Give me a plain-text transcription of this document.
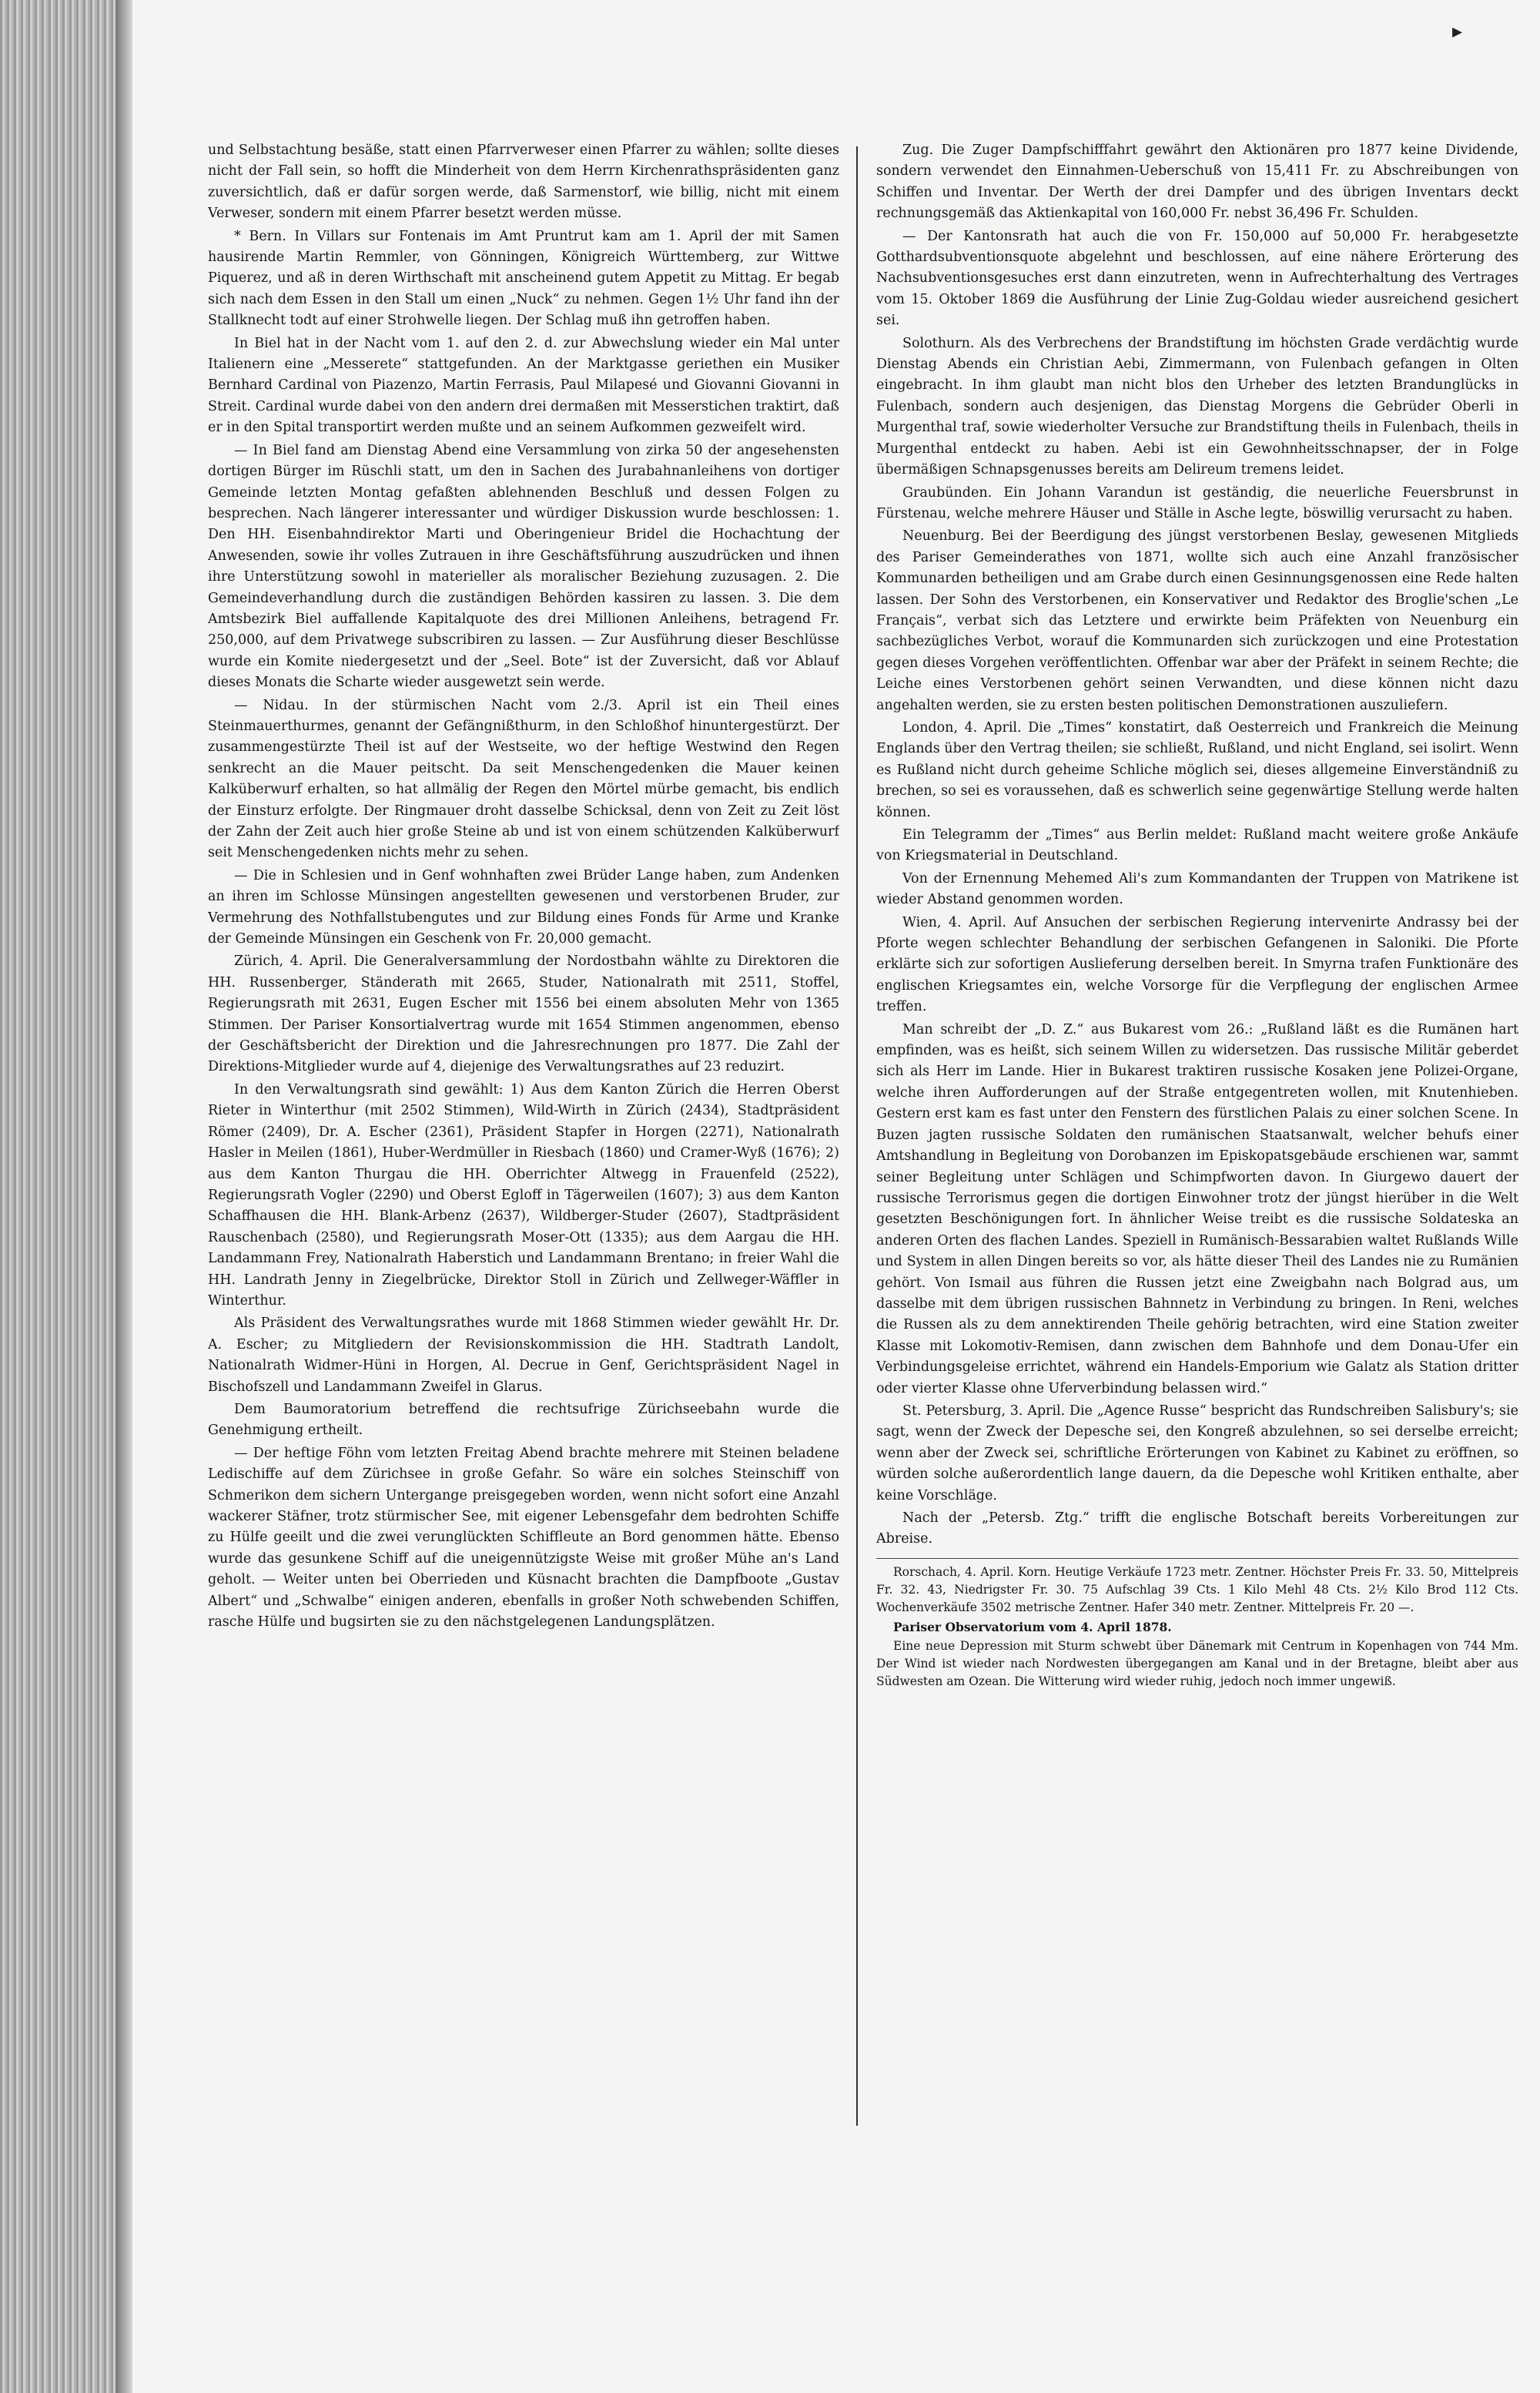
▸

und Selbstachtung besäße, statt einen Pfarrverweser einen Pfarrer zu wählen; sollte dieses nicht der Fall sein, so hofft die Minderheit von dem Herrn Kirchenrathspräsidenten ganz zuversichtlich, daß er dafür sorgen werde, daß Sarmenstorf, wie billig, nicht mit einem Verweser, sondern mit einem Pfarrer besetzt werden müsse.

* Bern. In Villars sur Fontenais im Amt Pruntrut kam am 1. April der mit Samen hausirende Martin Remmler, von Gönningen, Königreich Württemberg, zur Wittwe Piquerez, und aß in deren Wirthschaft mit anscheinend gutem Appetit zu Mittag. Er begab sich nach dem Essen in den Stall um einen „Nuck“ zu nehmen. Gegen 1½ Uhr fand ihn der Stallknecht todt auf einer Strohwelle liegen. Der Schlag muß ihn getroffen haben.

In Biel hat in der Nacht vom 1. auf den 2. d. zur Abwechslung wieder ein Mal unter Italienern eine „Messerete“ stattgefunden. An der Marktgasse geriethen ein Musiker Bernhard Cardinal von Piazenzo, Martin Ferrasis, Paul Milapesé und Giovanni Giovanni in Streit. Cardinal wurde dabei von den andern drei dermaßen mit Messerstichen traktirt, daß er in den Spital transportirt werden mußte und an seinem Aufkommen gezweifelt wird.

— In Biel fand am Dienstag Abend eine Versammlung von zirka 50 der angesehensten dortigen Bürger im Rüschli statt, um den in Sachen des Jurabahnanleihens von dortiger Gemeinde letzten Montag gefaßten ablehnenden Beschluß und dessen Folgen zu besprechen. Nach längerer interessanter und würdiger Diskussion wurde beschlossen: 1. Den HH. Eisenbahndirektor Marti und Oberingenieur Bridel die Hochachtung der Anwesenden, sowie ihr volles Zutrauen in ihre Geschäftsführung auszudrücken und ihnen ihre Unterstützung sowohl in materieller als moralischer Beziehung zuzusagen. 2. Die Gemeindeverhandlung durch die zuständigen Behörden kassiren zu lassen. 3. Die dem Amtsbezirk Biel auffallende Kapitalquote des drei Millionen Anleihens, betragend Fr. 250,000, auf dem Privatwege subscribiren zu lassen. — Zur Ausführung dieser Beschlüsse wurde ein Komite niedergesetzt und der „Seel. Bote“ ist der Zuversicht, daß vor Ablauf dieses Monats die Scharte wieder ausgewetzt sein werde.

— Nidau. In der stürmischen Nacht vom 2./3. April ist ein Theil eines Steinmauerthurmes, genannt der Gefängnißthurm, in den Schloßhof hinuntergestürzt. Der zusammengestürzte Theil ist auf der Westseite, wo der heftige Westwind den Regen senkrecht an die Mauer peitscht. Da seit Menschengedenken die Mauer keinen Kalküberwurf erhalten, so hat allmälig der Regen den Mörtel mürbe gemacht, bis endlich der Einsturz erfolgte. Der Ringmauer droht dasselbe Schicksal, denn von Zeit zu Zeit löst der Zahn der Zeit auch hier große Steine ab und ist von einem schützenden Kalküberwurf seit Menschengedenken nichts mehr zu sehen.

— Die in Schlesien und in Genf wohnhaften zwei Brüder Lange haben, zum Andenken an ihren im Schlosse Münsingen angestellten gewesenen und verstorbenen Bruder, zur Vermehrung des Nothfallstubengutes und zur Bildung eines Fonds für Arme und Kranke der Gemeinde Münsingen ein Geschenk von Fr. 20,000 gemacht.

Zürich, 4. April. Die Generalversammlung der Nordostbahn wählte zu Direktoren die HH. Russenberger, Ständerath mit 2665, Studer, Nationalrath mit 2511, Stoffel, Regierungsrath mit 2631, Eugen Escher mit 1556 bei einem absoluten Mehr von 1365 Stimmen. Der Pariser Konsortialvertrag wurde mit 1654 Stimmen angenommen, ebenso der Geschäftsbericht der Direktion und die Jahresrechnungen pro 1877. Die Zahl der Direktions-Mitglieder wurde auf 4, diejenige des Verwaltungsrathes auf 23 reduzirt.

In den Verwaltungsrath sind gewählt: 1) Aus dem Kanton Zürich die Herren Oberst Rieter in Winterthur (mit 2502 Stimmen), Wild-Wirth in Zürich (2434), Stadtpräsident Römer (2409), Dr. A. Escher (2361), Präsident Stapfer in Horgen (2271), Nationalrath Hasler in Meilen (1861), Huber-Werdmüller in Riesbach (1860) und Cramer-Wyß (1676); 2) aus dem Kanton Thurgau die HH. Oberrichter Altwegg in Frauenfeld (2522), Regierungsrath Vogler (2290) und Oberst Egloff in Tägerweilen (1607); 3) aus dem Kanton Schaffhausen die HH. Blank-Arbenz (2637), Wildberger-Studer (2607), Stadtpräsident Rauschenbach (2580), und Regierungsrath Moser-Ott (1335); aus dem Aargau die HH. Landammann Frey, Nationalrath Haberstich und Landammann Brentano; in freier Wahl die HH. Landrath Jenny in Ziegelbrücke, Direktor Stoll in Zürich und Zellweger-Wäffler in Winterthur.

Als Präsident des Verwaltungsrathes wurde mit 1868 Stimmen wieder gewählt Hr. Dr. A. Escher; zu Mitgliedern der Revisionskommission die HH. Stadtrath Landolt, Nationalrath Widmer-Hüni in Horgen, Al. Decrue in Genf, Gerichtspräsident Nagel in Bischofszell und Landammann Zweifel in Glarus.

Dem Baumoratorium betreffend die rechtsufrige Zürichseebahn wurde die Genehmigung ertheilt.

— Der heftige Föhn vom letzten Freitag Abend brachte mehrere mit Steinen beladene Ledischiffe auf dem Zürichsee in große Gefahr. So wäre ein solches Steinschiff von Schmerikon dem sichern Untergange preisgegeben worden, wenn nicht sofort eine Anzahl wackerer Stäfner, trotz stürmischer See, mit eigener Lebensgefahr dem bedrohten Schiffe zu Hülfe geeilt und die zwei verunglückten Schiffleute an Bord genommen hätte. Ebenso wurde das gesunkene Schiff auf die uneigennützigste Weise mit großer Mühe an's Land geholt. — Weiter unten bei Oberrieden und Küsnacht brachten die Dampfboote „Gustav Albert“ und „Schwalbe“ einigen anderen, ebenfalls in großer Noth schwebenden Schiffen, rasche Hülfe und bugsirten sie zu den nächstgelegenen Landungsplätzen.

Zug. Die Zuger Dampfschifffahrt gewährt den Aktionären pro 1877 keine Dividende, sondern verwendet den Einnahmen-Ueberschuß von 15,411 Fr. zu Abschreibungen von Schiffen und Inventar. Der Werth der drei Dampfer und des übrigen Inventars deckt rechnungsgemäß das Aktienkapital von 160,000 Fr. nebst 36,496 Fr. Schulden.

— Der Kantonsrath hat auch die von Fr. 150,000 auf 50,000 Fr. herabgesetzte Gotthardsubventionsquote abgelehnt und beschlossen, auf eine nähere Erörterung des Nachsubventionsgesuches erst dann einzutreten, wenn in Aufrechterhaltung des Vertrages vom 15. Oktober 1869 die Ausführung der Linie Zug-Goldau wieder ausreichend gesichert sei.

Solothurn. Als des Verbrechens der Brandstiftung im höchsten Grade verdächtig wurde Dienstag Abends ein Christian Aebi, Zimmermann, von Fulenbach gefangen in Olten eingebracht. In ihm glaubt man nicht blos den Urheber des letzten Brandunglücks in Fulenbach, sondern auch desjenigen, das Dienstag Morgens die Gebrüder Oberli in Murgenthal traf, sowie wiederholter Versuche zur Brandstiftung theils in Fulenbach, theils in Murgenthal entdeckt zu haben. Aebi ist ein Gewohnheitsschnapser, der in Folge übermäßigen Schnapsgenusses bereits am Delireum tremens leidet.

Graubünden. Ein Johann Varandun ist geständig, die neuerliche Feuersbrunst in Fürstenau, welche mehrere Häuser und Ställe in Asche legte, böswillig verursacht zu haben.

Neuenburg. Bei der Beerdigung des jüngst verstorbenen Beslay, gewesenen Mitglieds des Pariser Gemeinderathes von 1871, wollte sich auch eine Anzahl französischer Kommunarden betheiligen und am Grabe durch einen Gesinnungsgenossen eine Rede halten lassen. Der Sohn des Verstorbenen, ein Konservativer und Redaktor des Broglie'schen „Le Français“, verbat sich das Letztere und erwirkte beim Präfekten von Neuenburg ein sachbezügliches Verbot, worauf die Kommunarden sich zurückzogen und eine Protestation gegen dieses Vorgehen veröffentlichten. Offenbar war aber der Präfekt in seinem Rechte; die Leiche eines Verstorbenen gehört seinen Verwandten, und diese können nicht dazu angehalten werden, sie zu ersten besten politischen Demonstrationen auszuliefern.

London, 4. April. Die „Times“ konstatirt, daß Oesterreich und Frankreich die Meinung Englands über den Vertrag theilen; sie schließt, Rußland, und nicht England, sei isolirt. Wenn es Rußland nicht durch geheime Schliche möglich sei, dieses allgemeine Einverständniß zu brechen, so sei es voraussehen, daß es schwerlich seine gegenwärtige Stellung werde halten können.

Ein Telegramm der „Times“ aus Berlin meldet: Rußland macht weitere große Ankäufe von Kriegsmaterial in Deutschland.

Von der Ernennung Mehemed Ali's zum Kommandanten der Truppen von Matrikene ist wieder Abstand genommen worden.

Wien, 4. April. Auf Ansuchen der serbischen Regierung intervenirte Andrassy bei der Pforte wegen schlechter Behandlung der serbischen Gefangenen in Saloniki. Die Pforte erklärte sich zur sofortigen Auslieferung derselben bereit. In Smyrna trafen Funktionäre des englischen Kriegsamtes ein, welche Vorsorge für die Verpflegung der englischen Armee treffen.

Man schreibt der „D. Z.“ aus Bukarest vom 26.: „Rußland läßt es die Rumänen hart empfinden, was es heißt, sich seinem Willen zu widersetzen. Das russische Militär geberdet sich als Herr im Lande. Hier in Bukarest traktiren russische Kosaken jene Polizei-Organe, welche ihren Aufforderungen auf der Straße entgegentreten wollen, mit Knutenhieben. Gestern erst kam es fast unter den Fenstern des fürstlichen Palais zu einer solchen Scene. In Buzen jagten russische Soldaten den rumänischen Staatsanwalt, welcher behufs einer Amtshandlung in Begleitung von Dorobanzen im Episkopatsgebäude erschienen war, sammt seiner Begleitung unter Schlägen und Schimpfworten davon. In Giurgewo dauert der russische Terrorismus gegen die dortigen Einwohner trotz der jüngst hierüber in die Welt gesetzten Beschönigungen fort. In ähnlicher Weise treibt es die russische Soldateska an anderen Orten des flachen Landes. Speziell in Rumänisch-Bessarabien waltet Rußlands Wille und System in allen Dingen bereits so vor, als hätte dieser Theil des Landes nie zu Rumänien gehört. Von Ismail aus führen die Russen jetzt eine Zweigbahn nach Bolgrad aus, um dasselbe mit dem übrigen russischen Bahnnetz in Verbindung zu bringen. In Reni, welches die Russen als zu dem annektirenden Theile gehörig betrachten, wird eine Station zweiter Klasse mit Lokomotiv-Remisen, dann zwischen dem Bahnhofe und dem Donau-Ufer ein Verbindungsgeleise errichtet, während ein Handels-Emporium wie Galatz als Station dritter oder vierter Klasse ohne Uferverbindung belassen wird.“

St. Petersburg, 3. April. Die „Agence Russe“ bespricht das Rundschreiben Salisbury's; sie sagt, wenn der Zweck der Depesche sei, den Kongreß abzulehnen, so sei derselbe erreicht; wenn aber der Zweck sei, schriftliche Erörterungen von Kabinet zu Kabinet zu eröffnen, so würden solche außerordentlich lange dauern, da die Depesche wohl Kritiken enthalte, aber keine Vorschläge.

Nach der „Petersb. Ztg.“ trifft die englische Botschaft bereits Vorbereitungen zur Abreise.

Rorschach, 4. April. Korn. Heutige Verkäufe 1723 metr. Zentner. Höchster Preis Fr. 33. 50, Mittelpreis Fr. 32. 43, Niedrigster Fr. 30. 75 Aufschlag 39 Cts. 1 Kilo Mehl 48 Cts. 2½ Kilo Brod 112 Cts. Wochenverkäufe 3502 metrische Zentner. Hafer 340 metr. Zentner. Mittelpreis Fr. 20 —.

Pariser Observatorium vom 4. April 1878.

Eine neue Depression mit Sturm schwebt über Dänemark mit Centrum in Kopenhagen von 744 Mm. Der Wind ist wieder nach Nordwesten übergegangen am Kanal und in der Bretagne, bleibt aber aus Südwesten am Ozean. Die Witterung wird wieder ruhig, jedoch noch immer ungewiß.
